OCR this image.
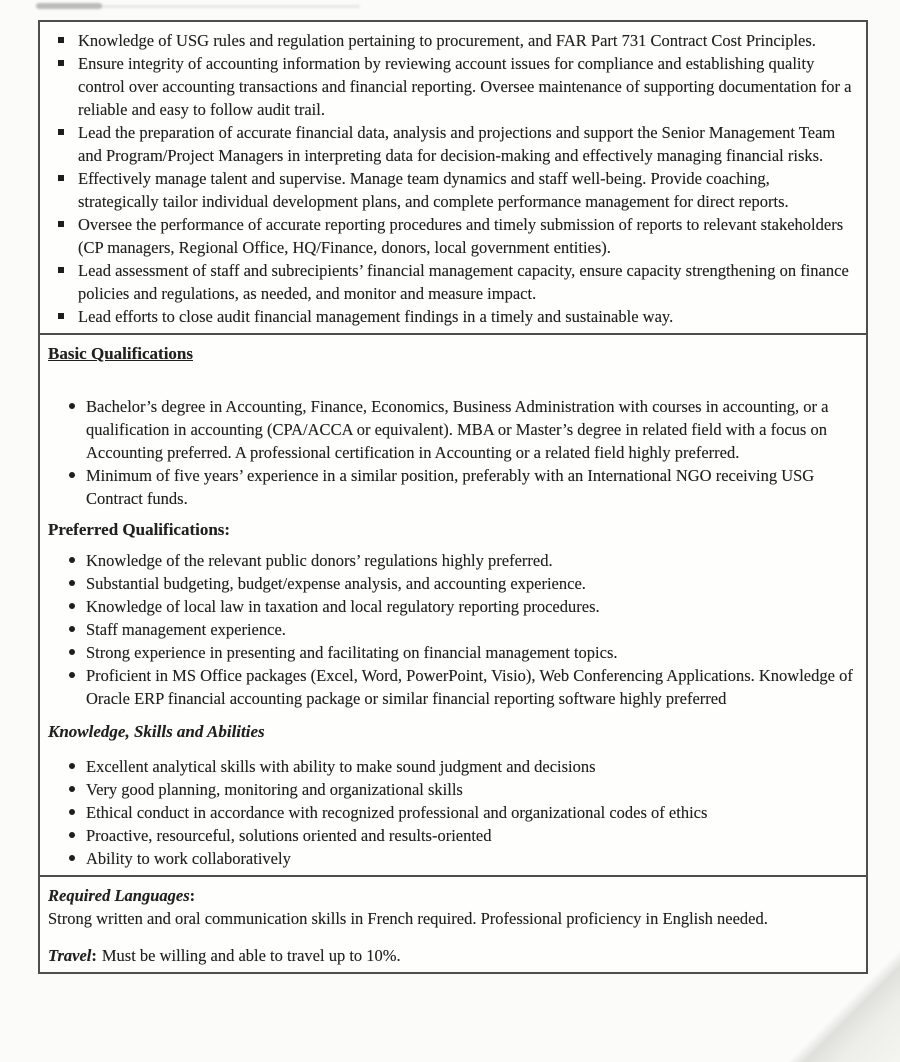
Knowledge of USG rules and regulation pertaining to procurement, and FAR Part 731 Contract Cost Principles.
Ensure integrity of accounting information by reviewing account issues for compliance and establishing quality control over accounting transactions and financial reporting. Oversee maintenance of supporting documentation for a reliable and easy to follow audit trail.
Lead the preparation of accurate financial data, analysis and projections and support the Senior Management Team and Program/Project Managers in interpreting data for decision-making and effectively managing financial risks.
Effectively manage talent and supervise. Manage team dynamics and staff well-being. Provide coaching, strategically tailor individual development plans, and complete performance management for direct reports.
Oversee the performance of accurate reporting procedures and timely submission of reports to relevant stakeholders (CP managers, Regional Office, HQ/Finance, donors, local government entities).
Lead assessment of staff and subrecipients’ financial management capacity, ensure capacity strengthening on finance policies and regulations, as needed, and monitor and measure impact.
Lead efforts to close audit financial management findings in a timely and sustainable way.
Basic Qualifications
Bachelor’s degree in Accounting, Finance, Economics, Business Administration with courses in accounting, or a qualification in accounting (CPA/ACCA or equivalent). MBA or Master’s degree in related field with a focus on Accounting preferred. A professional certification in Accounting or a related field highly preferred.
Minimum of five years’ experience in a similar position, preferably with an International NGO receiving USG Contract funds.
Preferred Qualifications:
Knowledge of the relevant public donors’ regulations highly preferred.
Substantial budgeting, budget/expense analysis, and accounting experience.
Knowledge of local law in taxation and local regulatory reporting procedures.
Staff management experience.
Strong experience in presenting and facilitating on financial management topics.
Proficient in MS Office packages (Excel, Word, PowerPoint, Visio), Web Conferencing Applications. Knowledge of Oracle ERP financial accounting package or similar financial reporting software highly preferred
Knowledge, Skills and Abilities
Excellent analytical skills with ability to make sound judgment and decisions
Very good planning, monitoring and organizational skills
Ethical conduct in accordance with recognized professional and organizational codes of ethics
Proactive, resourceful, solutions oriented and results-oriented
Ability to work collaboratively

Required Languages:

Strong written and oral communication skills in French required. Professional proficiency in English needed.

Travel: Must be willing and able to travel up to 10%.
